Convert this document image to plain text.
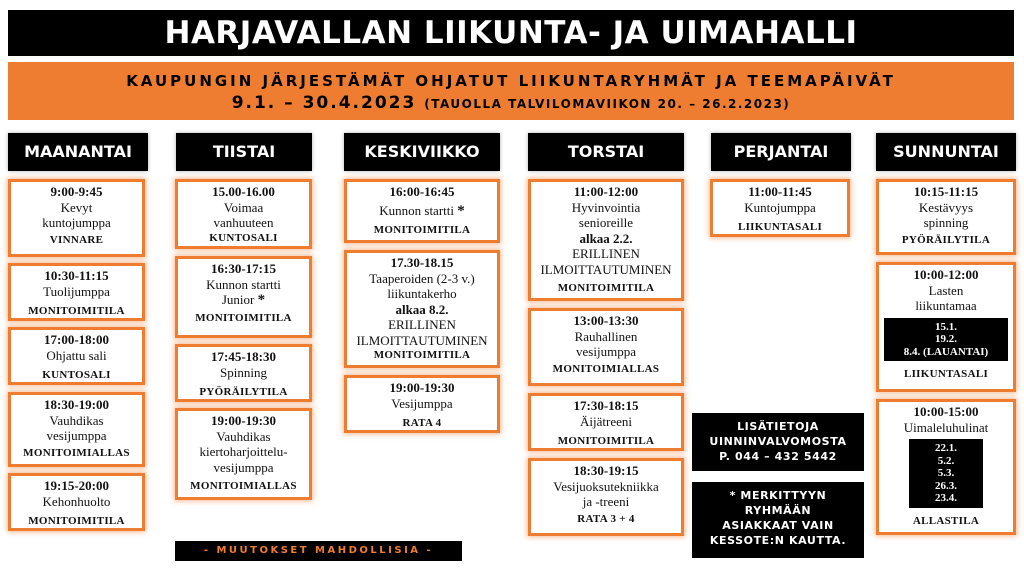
HARJAVALLAN LIIKUNTA- JA UIMAHALLI
KAUPUNGIN JÄRJESTÄMÄT OHJATUT LIIKUNTARYHMÄT JA TEEMAPÄIVÄT
9.1. – 30.4.2023 (TAUOLLA TALVILOMAVIIKON 20. – 26.2.2023)
MAANANTAI	TIISTAI	KESKIVIIKKO	TORSTAI	PERJANTAI	SUNNUNTAI
9:00-9:45
Kevyt
kuntojumppa
VINNARE
10:30-11:15
Tuolijumppa
MONITOIMITILA
17:00-18:00
Ohjattu sali
KUNTOSALI
18:30-19:00
Vauhdikas
vesijumppa
MONITOIMIALLAS
19:15-20:00
Kehonhuolto
MONITOIMITILA
15.00-16.00
Voimaa
vanhuuteen
KUNTOSALI
16:30-17:15
Kunnon startti
Junior *
MONITOIMITILA
17:45-18:30
Spinning
PYÖRÄILYTILA
19:00-19:30
Vauhdikas
kiertoharjoittelu-
vesijumppa
MONITOIMIALLAS
16:00-16:45
Kunnon startti *
MONITOIMITILA
17.30-18.15
Taaperoiden (2-3 v.)
liikuntakerho
alkaa 8.2.
ERILLINEN
ILMOITTAUTUMINEN
MONITOIMITILA
19:00-19:30
Vesijumppa
RATA 4
11:00-12:00
Hyvinvointia
senioreille
alkaa 2.2.
ERILLINEN
ILMOITTAUTUMINEN
MONITOIMITILA
13:00-13:30
Rauhallinen
vesijumppa
MONITOIMIALLAS
17:30-18:15
Äijätreeni
MONITOIMITILA
18:30-19:15
Vesijuoksutekniikka
ja -treeni
RATA 3 + 4
11:00-11:45
Kuntojumppa
LIIKUNTASALI
10:15-11:15
Kestävyys
spinning
PYÖRÄILYTILA
10:00-12:00
Lasten
liikuntamaa
15.1.
19.2.
8.4. (LAUANTAI)
LIIKUNTASALI
10:00-15:00
Uimaleluhulinat
22.1.
5.2.
5.3.
26.3.
23.4.
ALLASTILA
LISÄTIETOJA
UINNINVALVOMOSTA
P. 044 – 432 5442
* MERKITTYYN
RYHMÄÄN
ASIAKKAAT VAIN
KESSOTE:N KAUTTA.
- MUUTOKSET MAHDOLLISIA -
